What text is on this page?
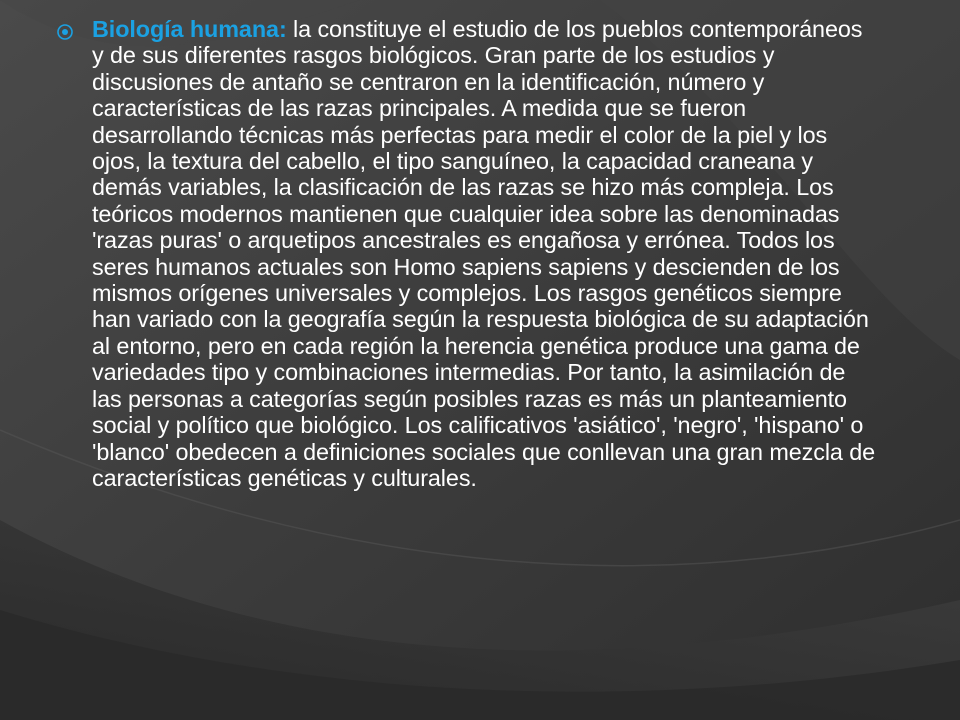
Biología humana: la constituye el estudio de los pueblos contemporáneos y de sus diferentes rasgos biológicos. Gran parte de los estudios y discusiones de antaño se centraron en la identificación, número y características de las razas principales. A medida que se fueron desarrollando técnicas más perfectas para medir el color de la piel y los ojos, la textura del cabello, el tipo sanguíneo, la capacidad craneana y demás variables, la clasificación de las razas se hizo más compleja. Los teóricos modernos mantienen que cualquier idea sobre las denominadas 'razas puras' o arquetipos ancestrales es engañosa y errónea. Todos los seres humanos actuales son Homo sapiens sapiens y descienden de los mismos orígenes universales y complejos. Los rasgos genéticos siempre han variado con la geografía según la respuesta biológica de su adaptación al entorno, pero en cada región la herencia genética produce una gama de variedades tipo y combinaciones intermedias. Por tanto, la asimilación de las personas a categorías según posibles razas es más un planteamiento social y político que biológico. Los calificativos 'asiático', 'negro', 'hispano' o 'blanco' obedecen a definiciones sociales que conllevan una gran mezcla de características genéticas y culturales.
